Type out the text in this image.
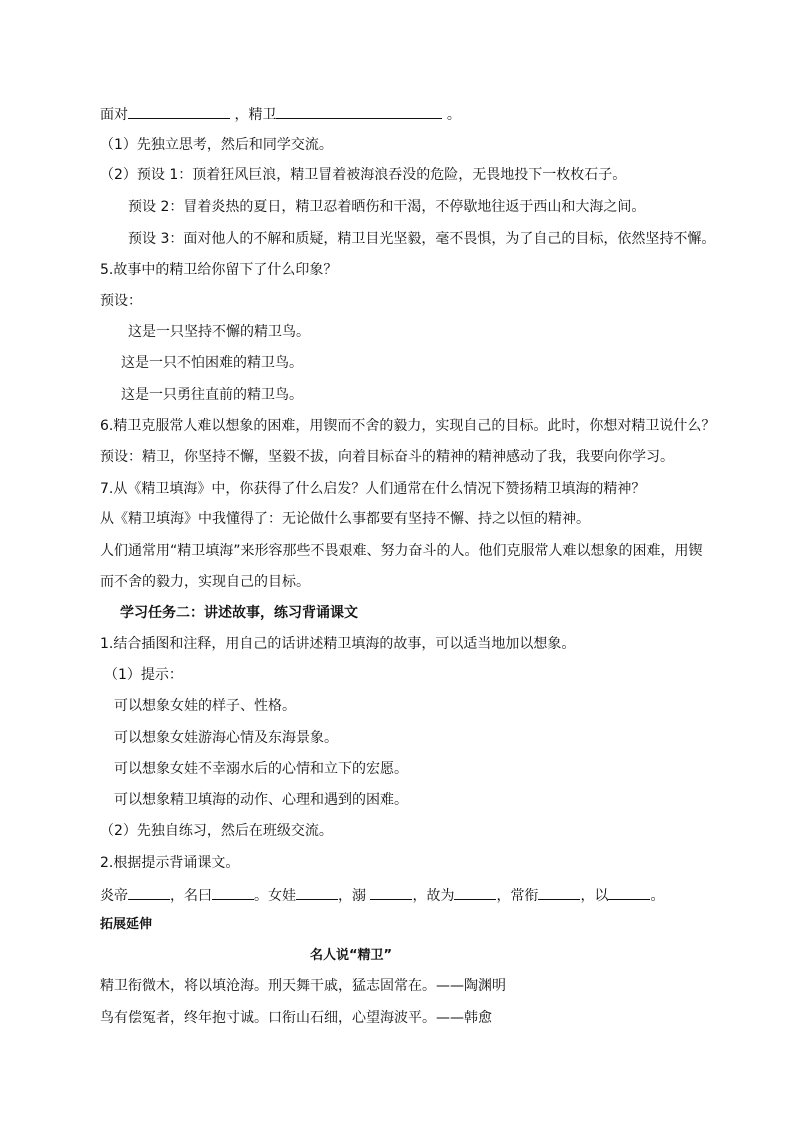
面对	，精卫	。
（1）先独立思考，然后和同学交流。
（2）预设 1：顶着狂风巨浪，精卫冒着被海浪吞没的危险，无畏地投下一枚枚石子。
预设 2：冒着炎热的夏日，精卫忍着晒伤和干渴，不停歇地往返于西山和大海之间。
预设 3：面对他人的不解和质疑，精卫目光坚毅，毫不畏惧，为了自己的目标，依然坚持不懈。
5.故事中的精卫给你留下了什么印象？
预设：
这是一只坚持不懈的精卫鸟。
这是一只不怕困难的精卫鸟。
这是一只勇往直前的精卫鸟。
6.精卫克服常人难以想象的困难，用锲而不舍的毅力，实现自己的目标。此时，你想对精卫说什么？
预设：精卫，你坚持不懈，坚毅不拔，向着目标奋斗的精神的精神感动了我，我要向你学习。
7.从《精卫填海》中，你获得了什么启发？人们通常在什么情况下赞扬精卫填海的精神？
从《精卫填海》中我懂得了：无论做什么事都要有坚持不懈、持之以恒的精神。
人们通常用“精卫填海”来形容那些不畏艰难、努力奋斗的人。他们克服常人难以想象的困难，用锲
而不舍的毅力，实现自己的目标。
学习任务二：讲述故事，练习背诵课文
1.结合插图和注释，用自己的话讲述精卫填海的故事，可以适当地加以想象。
（1）提示：
可以想象女娃的样子、性格。
可以想象女娃游海心情及东海景象。
可以想象女娃不幸溺水后的心情和立下的宏愿。
可以想象精卫填海的动作、心理和遇到的困难。
（2）先独自练习，然后在班级交流。
2.根据提示背诵课文。
炎帝	，名曰	。女娃	，溺	，故为	，常衔	，以	。
拓展延伸
名人说“精卫”
精卫衔微木，将以填沧海。刑天舞干戚，猛志固常在。——陶渊明
鸟有偿冤者，终年抱寸诚。口衔山石细，心望海波平。——韩愈
